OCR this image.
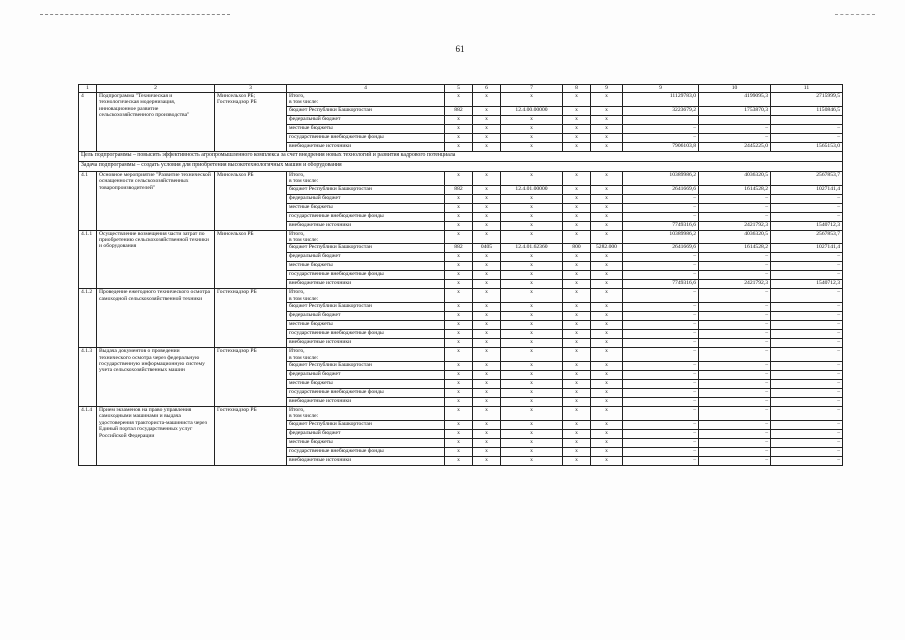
61
1	2	3	4	5	6	7	8	9	9	10	11
4	Подпрограмма "Техническая и технологическая модернизация, инновационное развитие сельскохозяйственного производства"	Минсельхоз РБ; Гостехнадзор РБ	Итого,
в том числе:	x	x	x	x	x	11129783,0	4199095,3	2715999,5
			бюджет Республики Башкортостан	882	x	12.4.00.00000	x	x	3223679,2	1753870,3	1150846,5
			федеральный бюджет	x	x	x	x	x			
			местные бюджеты	x	x	x	x	x	–	–	–
			государственные внебюджетные фонды	x	x	x	x	x	–	–	–
			внебюджетные источники	x	x	x	x	x	7906103,8	2445225,0	1565153,0
Цель подпрограммы – повысить эффективность агропромышленного комплекса за счет внедрения новых технологий и развития кадрового потенциала											
Задача подпрограммы – создать условия для приобретения высокотехнологичных машин и оборудования											
4.1	Основное мероприятие "Развитие технической оснащенности сельскохозяйственных товаропроизводителей"	Минсельхоз РБ	Итого,
в том числе:	x	x	x	x	x	10389986,2	4036320,5	2567853,7
			бюджет Республики Башкортостан	882	x	12.4.01.00000	x	x	2641669,6	1614528,2	1027141,4
			федеральный бюджет	x	x	x	x	x	–	–	–
			местные бюджеты	x	x	x	x	x	–	–	–
			государственные внебюджетные фонды	x	x	x	x	x	–	–	–
			внебюджетные источники	x	x	x	x	x	7749316,6	2421792,3	1540712,3
4.1.1	Осуществление возмещения части затрат по приобретению сельскохозяйственной техники и оборудования	Минсельхоз РБ	Итого,
в том числе:	x	x	x	x	x	10389986,2	4036320,5	2567853,7
			бюджет Республики Башкортостан	882	0405	12.4.01.62360	800	5282.000	2641669,6	1614528,2	1027141,4
			федеральный бюджет	x	x	x	x	x	–	–	–
			местные бюджеты	x	x	x	x	x	–	–	–
			государственные внебюджетные фонды	x	x	x	x	x	–	–	–
			внебюджетные источники	x	x	x	x	x	7749316,6	2421792,3	1540712,3
4.1.2	Проведение ежегодного технического осмотра самоходной сельскохозяйственной техники	Гостехнадзор РБ	Итого,
в том числе:	x	x	x	x	x	–	–	–
			бюджет Республики Башкортостан	x	x	x	x	x	–	–	–
			федеральный бюджет	x	x	x	x	x	–	–	–
			местные бюджеты	x	x	x	x	x	–	–	–
			государственные внебюджетные фонды	x	x	x	x	x	–	–	–
			внебюджетные источники	x	x	x	x	x	–	–	–
4.1.3	Выдача документов о проведении технического осмотра через федеральную государственную информационную систему учета сельскохозяйственных машин	Гостехнадзор РБ	Итого,
в том числе:	x	x	x	x	x	–	–	–
			бюджет Республики Башкортостан	x	x	x	x	x	–	–	–
			федеральный бюджет	x	x	x	x	x	–	–	–
			местные бюджеты	x	x	x	x	x	–	–	–
			государственные внебюджетные фонды	x	x	x	x	x	–	–	–
			внебюджетные источники	x	x	x	x	x	–	–	–
4.1.4	Прием экзаменов на право управления самоходными машинами и выдача удостоверения тракториста-машиниста через Единый портал государственных услуг Российской Федерации	Гостехнадзор РБ	Итого,
в том числе:	x	x	x	x	x	–	–	–
			бюджет Республики Башкортостан	x	x	x	x	x	–	–	–
			федеральный бюджет	x	x	x	x	x	–	–	–
			местные бюджеты	x	x	x	x	x	–	–	–
			государственные внебюджетные фонды	x	x	x	x	x	–	–	–
			внебюджетные источники	x	x	x	x	x	–	–	–
